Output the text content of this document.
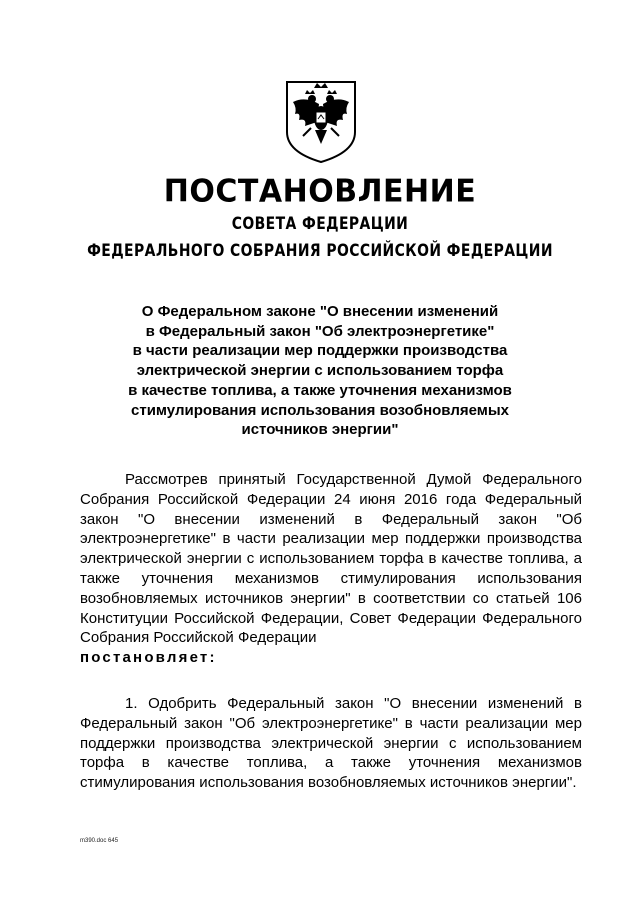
ПОСТАНОВЛЕНИЕ
СОВЕТА ФЕДЕРАЦИИ
ФЕДЕРАЛЬНОГО СОБРАНИЯ РОССИЙСКОЙ ФЕДЕРАЦИИ
О Федеральном законе "О внесении изменений
в Федеральный закон "Об электроэнергетике"
в части реализации мер поддержки производства
электрической энергии с использованием торфа
в качестве топлива, а также уточнения механизмов
стимулирования использования возобновляемых
источников энергии"

Рассмотрев принятый Государственной Думой Федерального Собрания Российской Федерации 24 июня 2016 года Федеральный закон "О внесении изменений в Федеральный закон "Об электроэнергетике" в части реализации мер поддержки производства электрической энергии с использованием торфа в качестве топлива, а также уточнения механизмов стимулирования использования возобновляемых источников энергии" в соответствии со статьей 106 Конституции Российской Федерации, Совет Федерации Федерального Собрания Российской Федерации
постановляет:

1. Одобрить Федеральный закон "О внесении изменений в Федеральный закон "Об электроэнергетике" в части реализации мер поддержки производства электрической энергии с использованием торфа в качестве топлива, а также уточнения механизмов стимулирования использования возобновляемых источников энергии".

m390.doc 645
